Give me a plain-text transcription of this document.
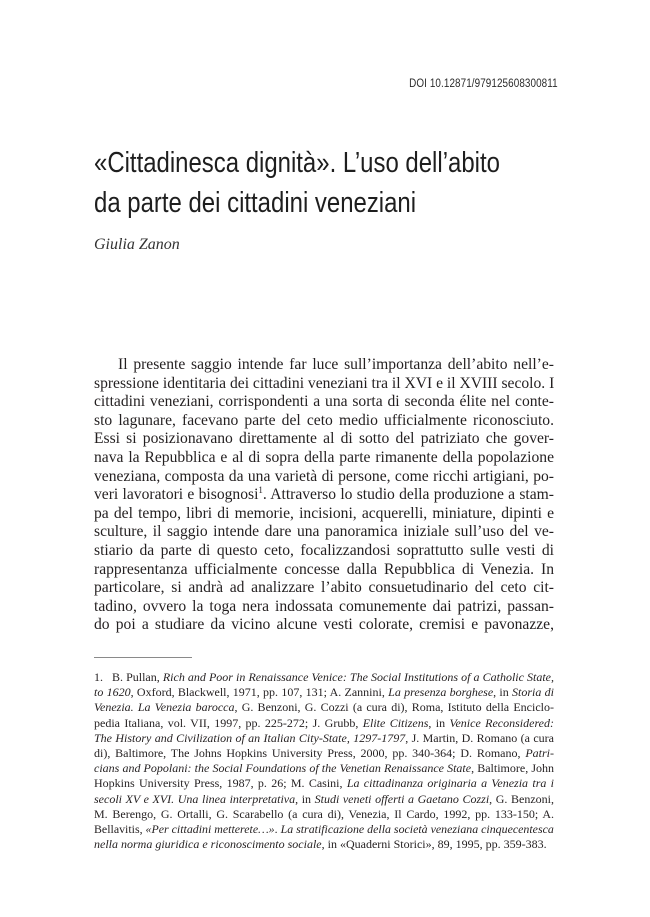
DOI 10.12871/979125608300811
«Cittadinesca dignità». L’uso dell’abito
da parte dei cittadini veneziani
Giulia Zanon
Il presente saggio intende far luce sull’importanza dell’abito nell’e-
spressione identitaria dei cittadini veneziani tra il XVI e il XVIII secolo. I
cittadini veneziani, corrispondenti a una sorta di seconda élite nel conte-
sto lagunare, facevano parte del ceto medio ufficialmente riconosciuto.
Essi si posizionavano direttamente al di sotto del patriziato che gover-
nava la Repubblica e al di sopra della parte rimanente della popolazione
veneziana, composta da una varietà di persone, come ricchi artigiani, po-
veri lavoratori e bisognosi$^1$. Attraverso lo studio della produzione a stam-
pa del tempo, libri di memorie, incisioni, acquerelli, miniature, dipinti e
sculture, il saggio intende dare una panoramica iniziale sull’uso del ve-
stiario da parte di questo ceto, focalizzandosi soprattutto sulle vesti di
rappresentanza ufficialmente concesse dalla Repubblica di Venezia. In
particolare, si andrà ad analizzare l’abito consuetudinario del ceto cit-
tadino, ovvero la toga nera indossata comunemente dai patrizi, passan-
do poi a studiare da vicino alcune vesti colorate, cremisi e pavonazze,
1. B. Pullan, Rich and Poor in Renaissance Venice: The Social Institutions of a Catholic State,
to 1620, Oxford, Blackwell, 1971, pp. 107, 131; A. Zannini, La presenza borghese, in Storia di
Venezia. La Venezia barocca, G. Benzoni, G. Cozzi (a cura di), Roma, Istituto della Enciclo-
pedia Italiana, vol. VII, 1997, pp. 225-272; J. Grubb, Elite Citizens, in Venice Reconsidered:
The History and Civilization of an Italian City-State, 1297-1797, J. Martin, D. Romano (a cura
di), Baltimore, The Johns Hopkins University Press, 2000, pp. 340-364; D. Romano, Patri-
cians and Popolani: the Social Foundations of the Venetian Renaissance State, Baltimore, John
Hopkins University Press, 1987, p. 26; M. Casini, La cittadinanza originaria a Venezia tra i
secoli XV e XVI. Una linea interpretativa, in Studi veneti offerti a Gaetano Cozzi, G. Benzoni,
M. Berengo, G. Ortalli, G. Scarabello (a cura di), Venezia, Il Cardo, 1992, pp. 133-150; A.
Bellavitis, «Per cittadini metterete…». La stratificazione della società veneziana cinquecentesca
nella norma giuridica e riconoscimento sociale, in «Quaderni Storici», 89, 1995, pp. 359-383.
